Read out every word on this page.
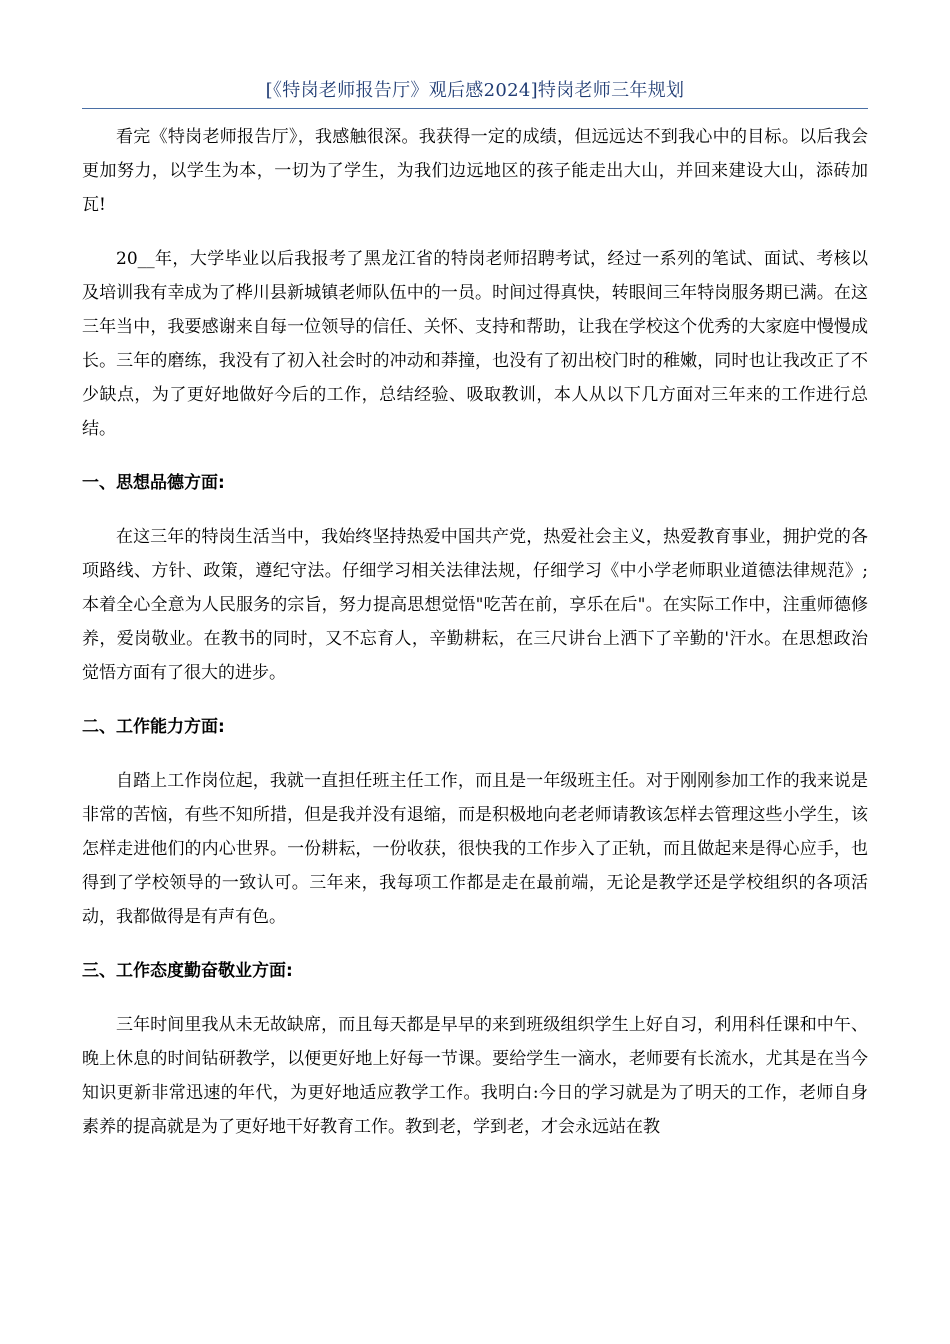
[《特岗老师报告厅》观后感2024]特岗老师三年规划

看完《特岗老师报告厅》，我感触很深。我获得一定的成绩，但远远达不到我心中的目标。以后我会更加努力，以学生为本，一切为了学生，为我们边远地区的孩子能走出大山，并回来建设大山，添砖加瓦!

20__年，大学毕业以后我报考了黑龙江省的特岗老师招聘考试，经过一系列的笔试、面试、考核以及培训我有幸成为了桦川县新城镇老师队伍中的一员。时间过得真快，转眼间三年特岗服务期已满。在这三年当中，我要感谢来自每一位领导的信任、关怀、支持和帮助，让我在学校这个优秀的大家庭中慢慢成长。三年的磨练，我没有了初入社会时的冲动和莽撞，也没有了初出校门时的稚嫩，同时也让我改正了不少缺点，为了更好地做好今后的工作，总结经验、吸取教训，本人从以下几方面对三年来的工作进行总结。

一、思想品德方面:

在这三年的特岗生活当中，我始终坚持热爱中国共产党，热爱社会主义，热爱教育事业，拥护党的各项路线、方针、政策，遵纪守法。仔细学习相关法律法规，仔细学习《中小学老师职业道德法律规范》;本着全心全意为人民服务的宗旨，努力提高思想觉悟"吃苦在前，享乐在后"。在实际工作中，注重师德修养，爱岗敬业。在教书的同时，又不忘育人，辛勤耕耘，在三尺讲台上洒下了辛勤的'汗水。在思想政治觉悟方面有了很大的进步。

二、工作能力方面:

自踏上工作岗位起，我就一直担任班主任工作，而且是一年级班主任。对于刚刚参加工作的我来说是非常的苦恼，有些不知所措，但是我并没有退缩，而是积极地向老老师请教该怎样去管理这些小学生，该怎样走进他们的内心世界。一份耕耘，一份收获，很快我的工作步入了正轨，而且做起来是得心应手，也得到了学校领导的一致认可。三年来，我每项工作都是走在最前端，无论是教学还是学校组织的各项活动，我都做得是有声有色。

三、工作态度勤奋敬业方面:

三年时间里我从未无故缺席，而且每天都是早早的来到班级组织学生上好自习，利用科任课和中午、晚上休息的时间钻研教学，以便更好地上好每一节课。要给学生一滴水，老师要有长流水，尤其是在当今知识更新非常迅速的年代，为更好地适应教学工作。我明白:今日的学习就是为了明天的工作，老师自身素养的提高就是为了更好地干好教育工作。教到老，学到老，才会永远站在教
